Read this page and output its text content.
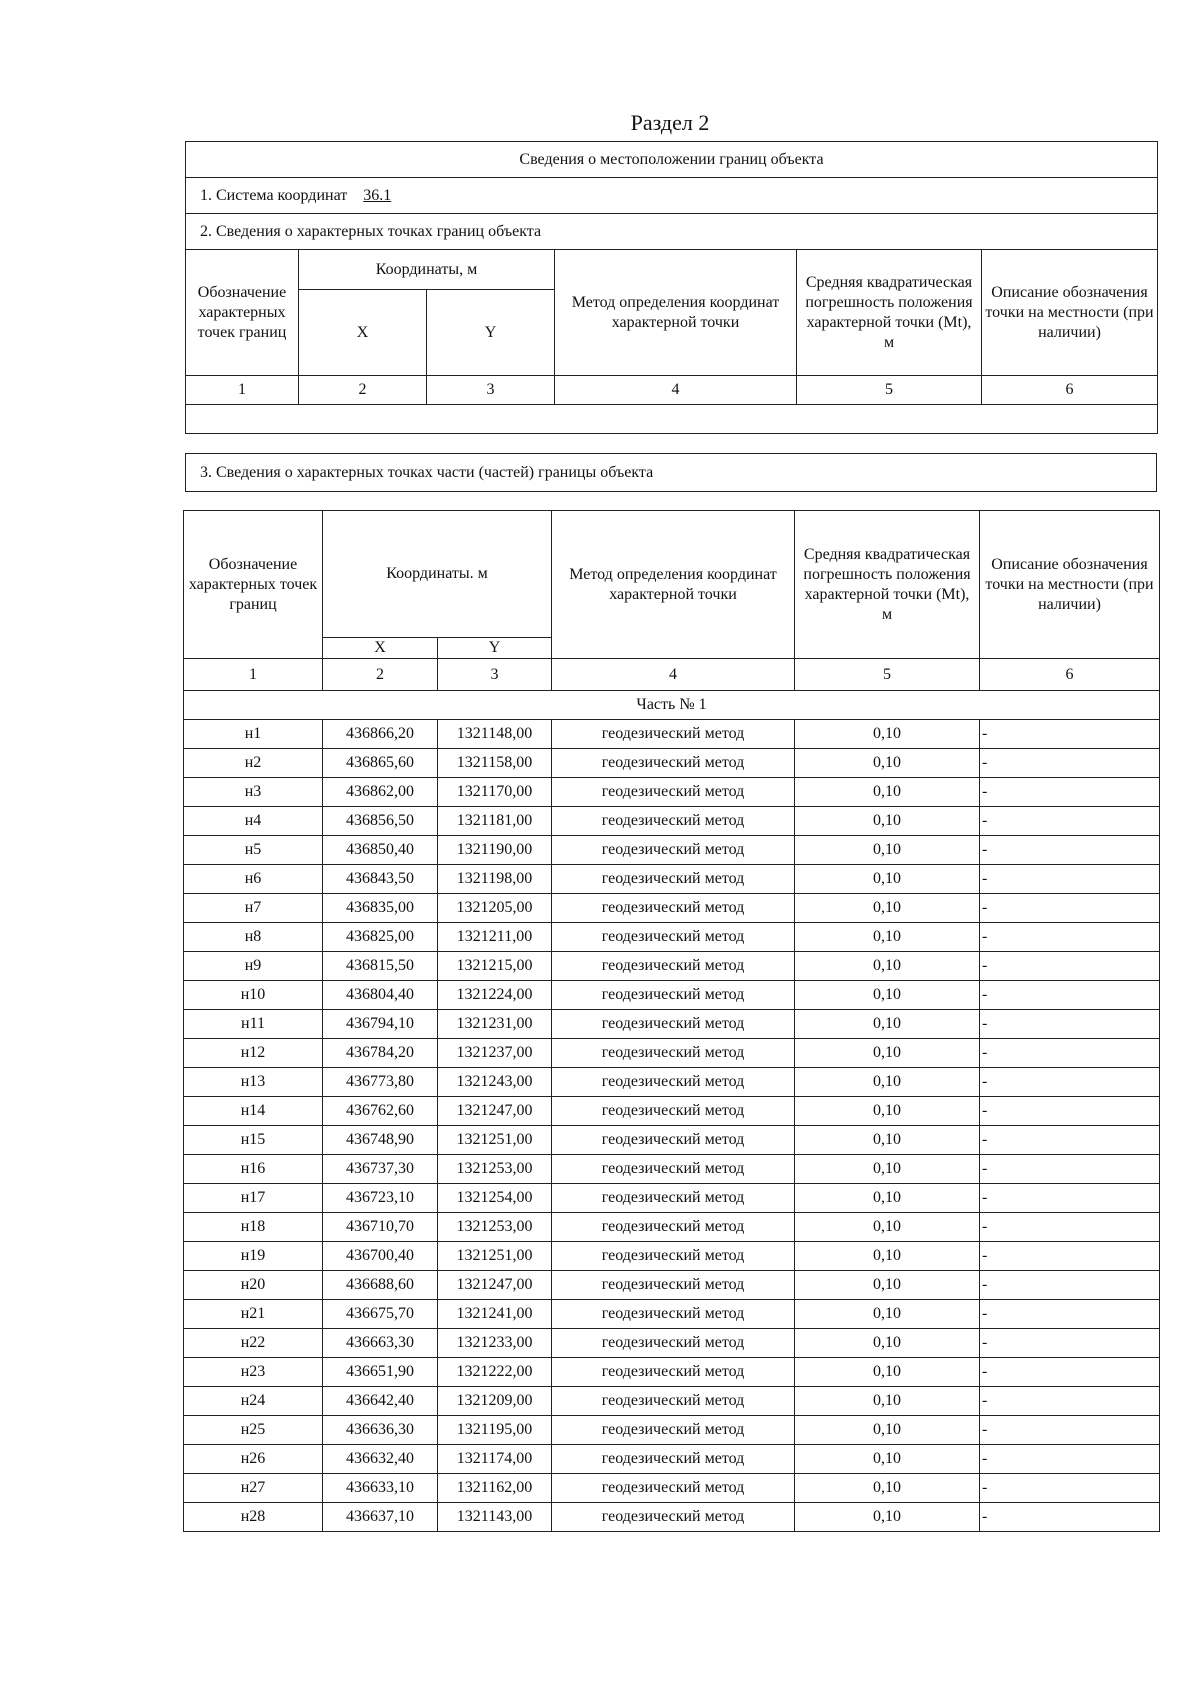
Раздел 2
Сведения о местоположении границ объекта					
1. Система координат 36.1					
2. Сведения о характерных точках границ объекта					
Обозначение характерных точек границ	Координаты, м		Метод определения координат характерной точки	Средняя квадратическая погрешность положения характерной точки (Mt), м	Описание обозначения точки на местности (при наличии)
	X	Y			
1	2	3	4	5	6

3. Сведения о характерных точках части (частей) границы объекта
Обозначение характерных точек границ	Координаты. м		Метод определения координат характерной точки	Средняя квадратическая погрешность положения характерной точки (Mt), м	Описание обозначения точки на местности (при наличии)
	X	Y			
1	2	3	4	5	6
Часть № 1					
н1	436866,20	1321148,00	геодезический метод	0,10	-
н2	436865,60	1321158,00	геодезический метод	0,10	-
н3	436862,00	1321170,00	геодезический метод	0,10	-
н4	436856,50	1321181,00	геодезический метод	0,10	-
н5	436850,40	1321190,00	геодезический метод	0,10	-
н6	436843,50	1321198,00	геодезический метод	0,10	-
н7	436835,00	1321205,00	геодезический метод	0,10	-
н8	436825,00	1321211,00	геодезический метод	0,10	-
н9	436815,50	1321215,00	геодезический метод	0,10	-
н10	436804,40	1321224,00	геодезический метод	0,10	-
н11	436794,10	1321231,00	геодезический метод	0,10	-
н12	436784,20	1321237,00	геодезический метод	0,10	-
н13	436773,80	1321243,00	геодезический метод	0,10	-
н14	436762,60	1321247,00	геодезический метод	0,10	-
н15	436748,90	1321251,00	геодезический метод	0,10	-
н16	436737,30	1321253,00	геодезический метод	0,10	-
н17	436723,10	1321254,00	геодезический метод	0,10	-
н18	436710,70	1321253,00	геодезический метод	0,10	-
н19	436700,40	1321251,00	геодезический метод	0,10	-
н20	436688,60	1321247,00	геодезический метод	0,10	-
н21	436675,70	1321241,00	геодезический метод	0,10	-
н22	436663,30	1321233,00	геодезический метод	0,10	-
н23	436651,90	1321222,00	геодезический метод	0,10	-
н24	436642,40	1321209,00	геодезический метод	0,10	-
н25	436636,30	1321195,00	геодезический метод	0,10	-
н26	436632,40	1321174,00	геодезический метод	0,10	-
н27	436633,10	1321162,00	геодезический метод	0,10	-
н28	436637,10	1321143,00	геодезический метод	0,10	-
